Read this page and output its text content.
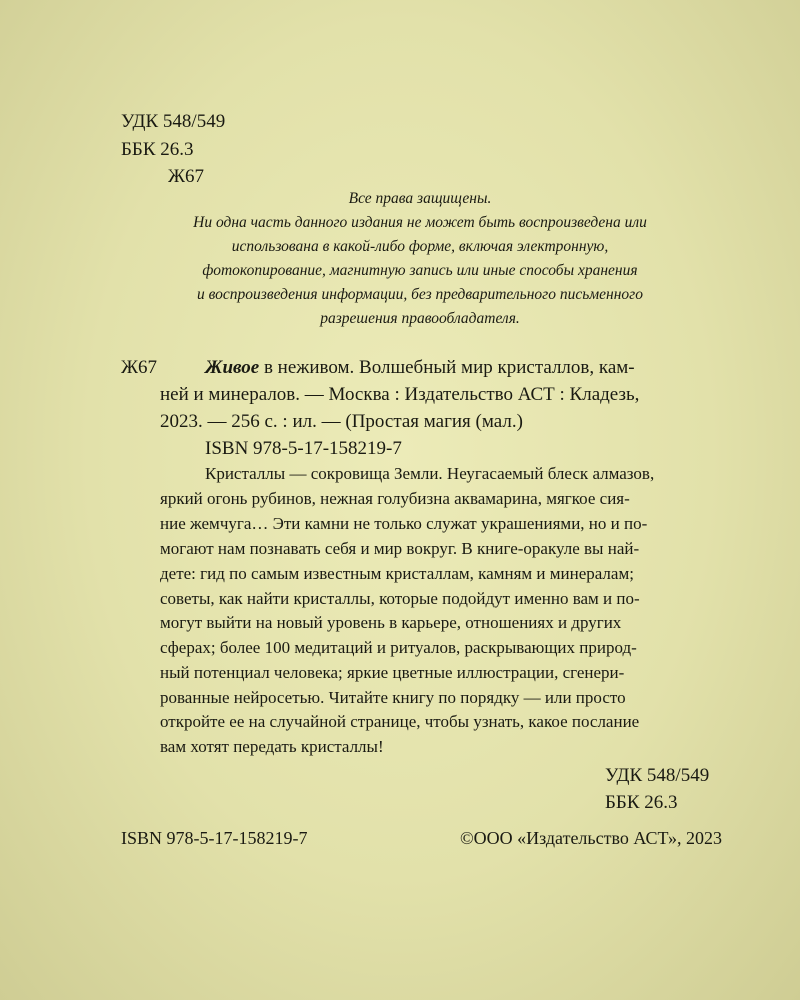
УДК 548/549
ББК 26.3
Ж67
Все права защищены.
Ни одна часть данного издания не может быть воспроизведена или
использована в какой-либо форме, включая электронную,
фотокопирование, магнитную запись или иные способы хранения
и воспроизведения информации, без предварительного письменного
разрешения правообладателя.
Ж67	Живое в неживом. Волшебный мир кристаллов, кам-
ней и минералов. — Москва : Издательство АСТ : Кладезь,
2023. — 256 с. : ил. — (Простая магия (мал.)
ISBN 978-5-17-158219-7
Кристаллы — сокровища Земли. Неугасаемый блеск алмазов,
яркий огонь рубинов, нежная голубизна аквамарина, мягкое сия-
ние жемчуга… Эти камни не только служат украшениями, но и по-
могают нам познавать себя и мир вокруг. В книге-оракуле вы най-
дете: гид по самым известным кристаллам, камням и минералам;
советы, как найти кристаллы, которые подойдут именно вам и по-
могут выйти на новый уровень в карьере, отношениях и других
сферах; более 100 медитаций и ритуалов, раскрывающих природ-
ный потенциал человека; яркие цветные иллюстрации, сгенери-
рованные нейросетью. Читайте книгу по порядку — или просто
откройте ее на случайной странице, чтобы узнать, какое послание
вам хотят передать кристаллы!
УДК 548/549
ББК 26.3
ISBN 978-5-17-158219-7	©ООО «Издательство АСТ», 2023
